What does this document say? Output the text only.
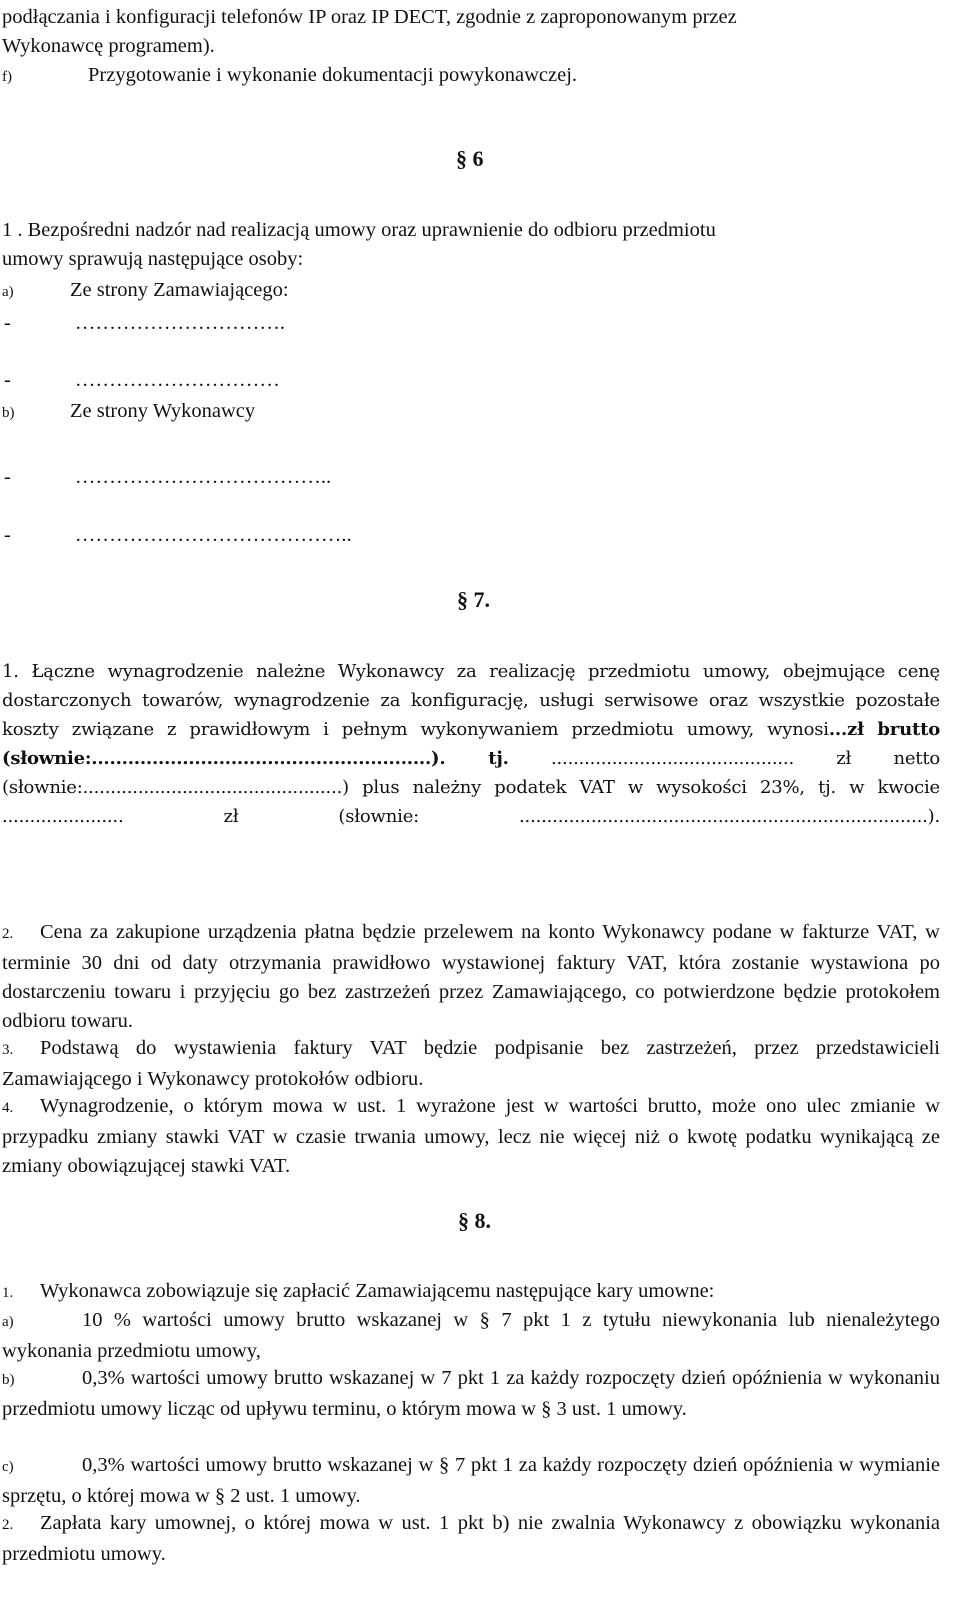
podłączania i konfiguracji telefonów IP oraz IP DECT, zgodnie z zaproponowanym przez
Wykonawcę programem).
f)	Przygotowanie i wykonanie dokumentacji powykonawczej.
§ 6
1 . Bezpośredni nadzór nad realizacją umowy oraz uprawnienie do odbioru przedmiotu
umowy sprawują następujące osoby:
a)	Ze strony Zamawiającego:
-	………………………….
-	…………………………
b)	Ze strony Wykonawcy
-	………………………………..
-	…………………………………..
§ 7.
1. Łączne wynagrodzenie należne Wykonawcy za realizację przedmiotu umowy, obejmujące cenę dostarczonych towarów, wynagrodzenie za konfigurację, usługi serwisowe oraz wszystkie pozostałe koszty związane z prawidłowym i pełnym wykonywaniem przedmiotu umowy, wynosi...zł brutto (słownie:........................................................). tj. ............................................ zł netto (słownie:...............................................) plus należny podatek VAT w wysokości 23%, tj. w kwocie ...................... zł (słownie: ..........................................................................).
2. Cena za zakupione urządzenia płatna będzie przelewem na konto Wykonawcy podane w fakturze VAT, w terminie 30 dni od daty otrzymania prawidłowo wystawionej faktury VAT, która zostanie wystawiona po dostarczeniu towaru i przyjęciu go bez zastrzeżeń przez Zamawiającego, co potwierdzone będzie protokołem odbioru towaru.
3. Podstawą do wystawienia faktury VAT będzie podpisanie bez zastrzeżeń, przez przedstawicieli Zamawiającego i Wykonawcy protokołów odbioru.
4. Wynagrodzenie, o którym mowa w ust. 1 wyrażone jest w wartości brutto, może ono ulec zmianie w przypadku zmiany stawki VAT w czasie trwania umowy, lecz nie więcej niż o kwotę podatku wynikającą ze zmiany obowiązującej stawki VAT.
§ 8.
1. Wykonawca zobowiązuje się zapłacić Zamawiającemu następujące kary umowne:
a)	10 % wartości umowy brutto wskazanej w § 7 pkt 1 z tytułu niewykonania lub nienależytego wykonania przedmiotu umowy,
b)	0,3% wartości umowy brutto wskazanej w 7 pkt 1 za każdy rozpoczęty dzień opóźnienia w wykonaniu przedmiotu umowy licząc od upływu terminu, o którym mowa w § 3 ust. 1 umowy.
c)	0,3% wartości umowy brutto wskazanej w § 7 pkt 1 za każdy rozpoczęty dzień opóźnienia w wymianie sprzętu, o której mowa w § 2 ust. 1 umowy.
2. Zapłata kary umownej, o której mowa w ust. 1 pkt b) nie zwalnia Wykonawcy z obowiązku wykonania przedmiotu umowy.
